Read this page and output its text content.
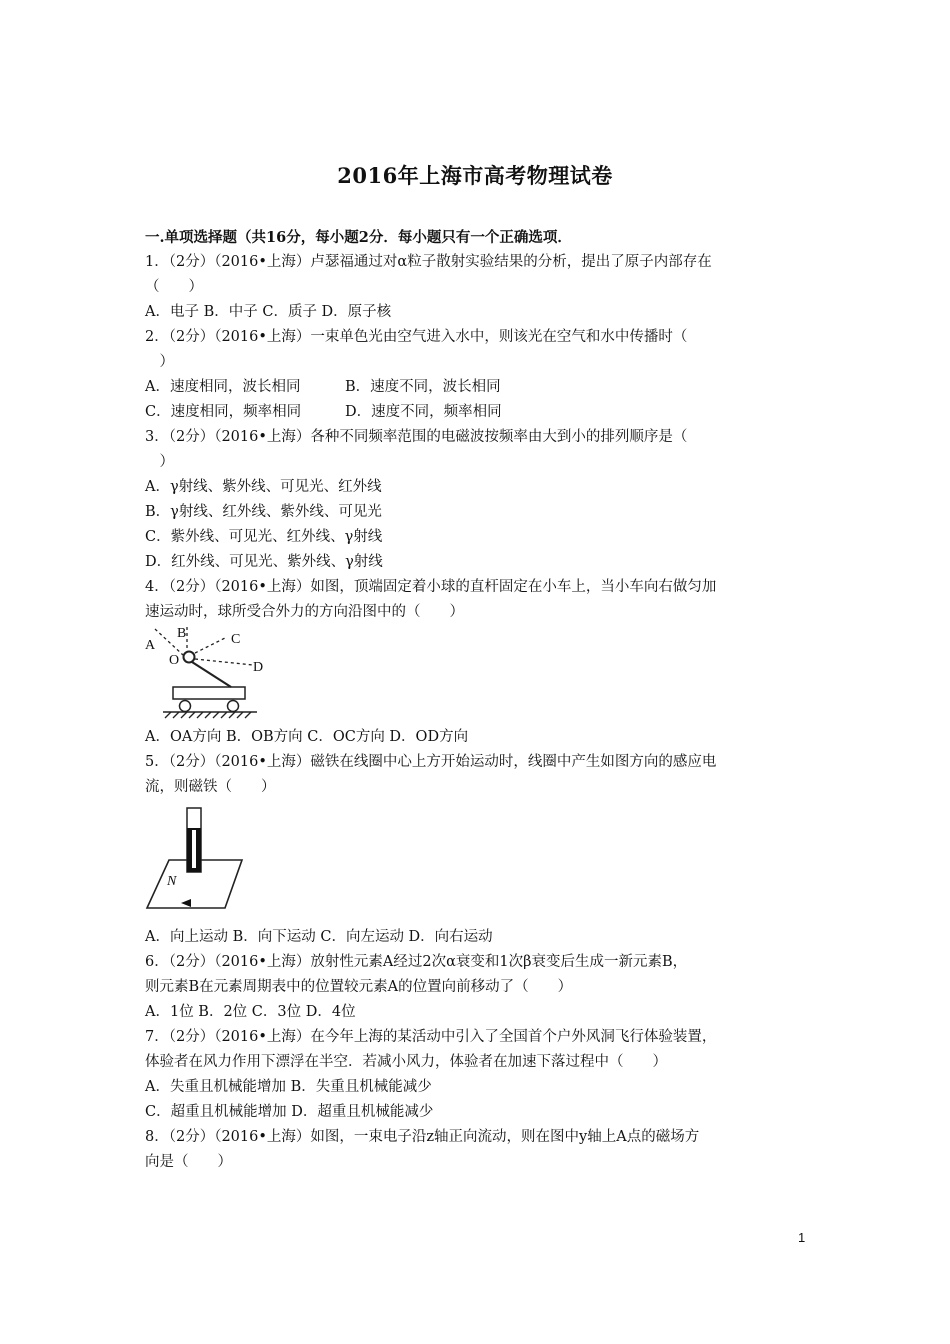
2016年上海市高考物理试卷
一.单项选择题（共16分，每小题2分．每小题只有一个正确选项．
1．（2分）（2016•上海）卢瑟福通过对α粒子散射实验结果的分析，提出了原子内部存在
（　　）
A．电子 B．中子 C．质子 D．原子核
2．（2分）（2016•上海）一束单色光由空气进入水中，则该光在空气和水中传播时（
　）
A．速度相同，波长相同	B．速度不同，波长相同
C．速度相同，频率相同	D．速度不同，频率相同
3．（2分）（2016•上海）各种不同频率范围的电磁波按频率由大到小的排列顺序是（
　）
A．γ射线、紫外线、可见光、红外线
B．γ射线、红外线、紫外线、可见光
C．紫外线、可见光、红外线、γ射线
D．红外线、可见光、紫外线、γ射线
4．（2分）（2016•上海）如图，顶端固定着小球的直杆固定在小车上，当小车向右做匀加
速运动时，球所受合外力的方向沿图中的（　　）
A
B	C
O	D
A．OA方向 B．OB方向 C．OC方向 D．OD方向
5．（2分）（2016•上海）磁铁在线圈中心上方开始运动时，线圈中产生如图方向的感应电
流，则磁铁（　　）
N
A．向上运动 B．向下运动 C．向左运动 D．向右运动
6．（2分）（2016•上海）放射性元素A经过2次α衰变和1次β衰变后生成一新元素B，
则元素B在元素周期表中的位置较元素A的位置向前移动了（　　）
A．1位 B．2位 C．3位 D．4位
7．（2分）（2016•上海）在今年上海的某活动中引入了全国首个户外风洞飞行体验装置，
体验者在风力作用下漂浮在半空．若减小风力，体验者在加速下落过程中（　　）
A．失重且机械能增加 B．失重且机械能减少
C．超重且机械能增加 D．超重且机械能减少
8．（2分）（2016•上海）如图，一束电子沿z轴正向流动，则在图中y轴上A点的磁场方
向是（　　）
1
